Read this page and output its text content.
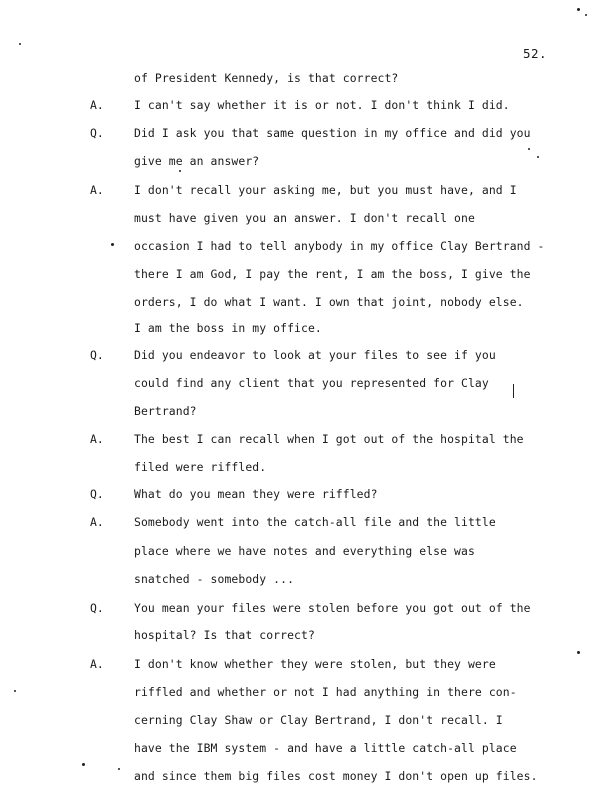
52.
A.
Q.
A.
Q.
A.
Q.
A.
Q.
A.
of President Kennedy, is that correct?
I can't say whether it is or not. I don't think I did.
Did I ask you that same question in my office and did you
give me an answer?
I don't recall your asking me, but you must have, and I
must have given you an answer. I don't recall one
occasion I had to tell anybody in my office Clay Bertrand -
there I am God, I pay the rent, I am the boss, I give the
orders, I do what I want. I own that joint, nobody else.
I am the boss in my office.
Did you endeavor to look at your files to see if you
could find any client that you represented for Clay
Bertrand?
The best I can recall when I got out of the hospital the
filed were riffled.
What do you mean they were riffled?
Somebody went into the catch-all file and the little
place where we have notes and everything else was
snatched - somebody ...
You mean your files were stolen before you got out of the
hospital? Is that correct?
I don't know whether they were stolen, but they were
riffled and whether or not I had anything in there con-
cerning Clay Shaw or Clay Bertrand, I don't recall. I
have the IBM system - and have a little catch-all place
and since them big files cost money I don't open up files.
